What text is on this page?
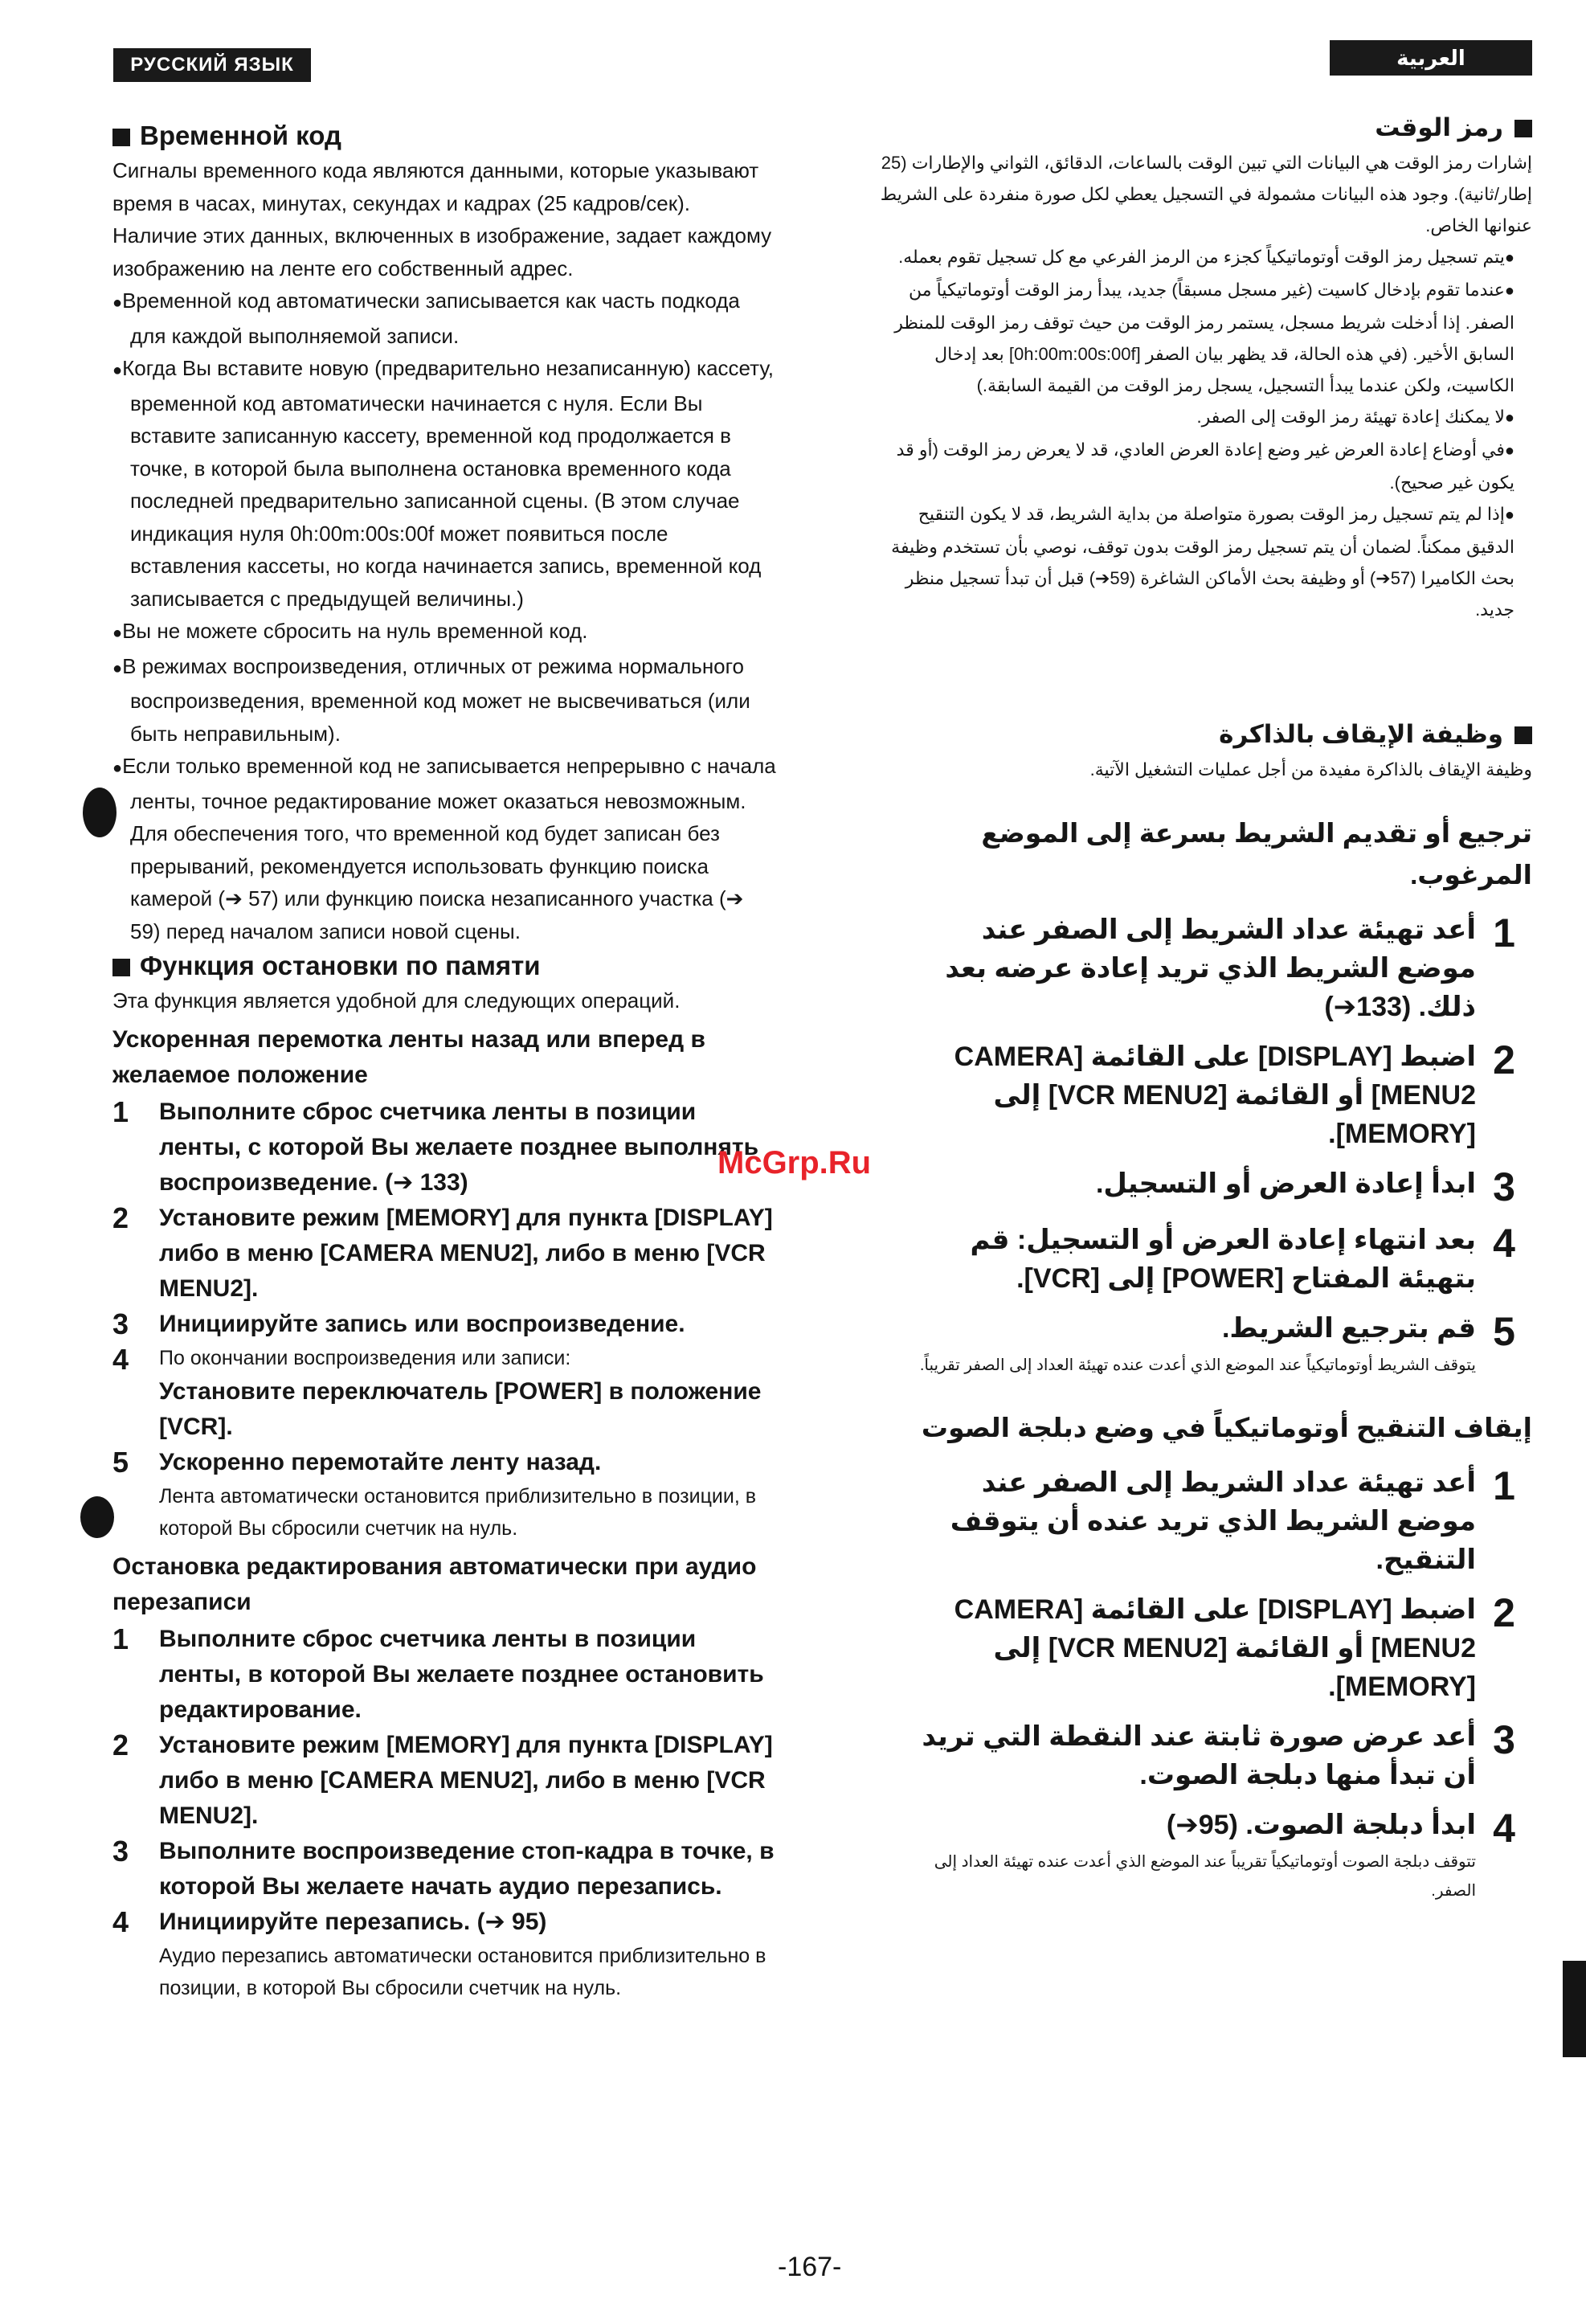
РУССКИЙ ЯЗЫК	العربية
Временной код

Сигналы временного кода являются данными, которые указывают время в часах, минутах, секундах и кадрах (25 кадров/сек).

Наличие этих данных, включенных в изображение, задает каждому изображению на ленте его собственный адрес.

●Временной код автоматически записывается как часть подкода для каждой выполняемой записи.

●Когда Вы вставите новую (предварительно незаписанную) кассету, временной код автоматически начинается с нуля. Если Вы вставите записанную кассету, временной код продолжается в точке, в которой была выполнена остановка временного кода последней предварительно записанной сцены. (В этом случае индикация нуля 0h:00m:00s:00f может появиться после вставления кассеты, но когда начинается запись, временной код записывается с предыдущей величины.)

●Вы не можете сбросить на нуль временной код.

●В режимах воспроизведения, отличных от режима нормального воспроизведения, временной код может не высвечиваться (или быть неправильным).

●Если только временной код не записывается непрерывно с начала ленты, точное редактирование может оказаться невозможным. Для обеспечения того, что временной код будет записан без прерываний, рекомендуется использовать функцию поиска камерой (➔ 57) или функцию поиска незаписанного участка (➔ 59) перед началом записи новой сцены.

Функция остановки по памяти

Эта функция является удобной для следующих операций.

Ускоренная перемотка ленты назад или вперед в желаемое положение

1	Выполните сброс счетчика ленты в позиции ленты, с которой Вы желаете позднее выполнять воспроизведение. (➔ 133)

2	Установите режим [MEMORY] для пункта [DISPLAY] либо в меню [CAMERA MENU2], либо в меню [VCR MENU2].

3	Инициируйте запись или воспроизведение.

4	По окончании воспроизведения или записи:

Установите переключатель [POWER] в положение [VCR].

5	Ускоренно перемотайте ленту назад.

Лента автоматически остановится приблизительно в позиции, в которой Вы сбросили счетчик на нуль.

Остановка редактирования автоматически при аудио перезаписи

1	Выполните сброс счетчика ленты в позиции ленты, в которой Вы желаете позднее остановить редактирование.

2	Установите режим [MEMORY] для пункта [DISPLAY] либо в меню [CAMERA MENU2], либо в меню [VCR MENU2].

3	Выполните воспроизведение стоп-кадра в точке, в которой Вы желаете начать аудио перезапись.

4	Инициируйте перезапись. (➔ 95)

Аудио перезапись автоматически остановится приблизительно в позиции, в которой Вы сбросили счетчик на нуль.

رمز الوقت

إشارات رمز الوقت هي البيانات التي تبين الوقت بالساعات، الدقائق، الثواني والإطارات (25 إطار/ثانية). وجود هذه البيانات مشمولة في التسجيل يعطي لكل صورة منفردة على الشريط عنوانها الخاص.

●يتم تسجيل رمز الوقت أوتوماتيكياً كجزء من الرمز الفرعي مع كل تسجيل تقوم بعمله.

●عندما تقوم بإدخال كاسيت (غير مسجل مسبقاً) جديد، يبدأ رمز الوقت أوتوماتيكياً من الصفر. إذا أدخلت شريط مسجل، يستمر رمز الوقت من حيث توقف رمز الوقت للمنظر السابق الأخير. (في هذه الحالة، قد يظهر بيان الصفر [0h:00m:00s:00f] بعد إدخال الكاسيت، ولكن عندما يبدأ التسجيل، يسجل رمز الوقت من القيمة السابقة.)

●لا يمكنك إعادة تهيئة رمز الوقت إلى الصفر.

●في أوضاع إعادة العرض غير وضع إعادة العرض العادي، قد لا يعرض رمز الوقت (أو قد يكون غير صحيح).

●إذا لم يتم تسجيل رمز الوقت بصورة متواصلة من بداية الشريط، قد لا يكون التنقيح الدقيق ممكناً. لضمان أن يتم تسجيل رمز الوقت بدون توقف، نوصي بأن تستخدم وظيفة بحث الكاميرا (57➔) أو وظيفة بحث الأماكن الشاغرة (59➔) قبل أن تبدأ تسجيل منظر جديد.

وظيفة الإيقاف بالذاكرة

وظيفة الإيقاف بالذاكرة مفيدة من أجل عمليات التشغيل الآتية.

ترجيع أو تقديم الشريط بسرعة إلى الموضع المرغوب.

1

أعد تهيئة عداد الشريط إلى الصفر عند موضع الشريط الذي تريد إعادة عرضه بعد ذلك. (133➔)

2

اضبط [DISPLAY] على القائمة [CAMERA MENU2] أو القائمة [VCR MENU2] إلى [MEMORY].

3

ابدأ إعادة العرض أو التسجيل.

4

بعد انتهاء إعادة العرض أو التسجيل: قم بتهيئة المفتاح [POWER] إلى [VCR].

5

قم بترجيع الشريط.

يتوقف الشريط أوتوماتيكياً عند الموضع الذي أعدت عنده تهيئة العداد إلى الصفر تقريباً.

إيقاف التنقيح أوتوماتيكياً في وضع دبلجة الصوت

1

أعد تهيئة عداد الشريط إلى الصفر عند موضع الشريط الذي تريد عنده أن يتوقف التنقيح.

2

اضبط [DISPLAY] على القائمة [CAMERA MENU2] أو القائمة [VCR MENU2] إلى [MEMORY].

3

أعد عرض صورة ثابتة عند النقطة التي تريد أن تبدأ منها دبلجة الصوت.

4

ابدأ دبلجة الصوت. (95➔)

تتوقف دبلجة الصوت أوتوماتيكياً تقريباً عند الموضع الذي أعدت عنده تهيئة العداد إلى الصفر.

McGrp.Ru
-167-
